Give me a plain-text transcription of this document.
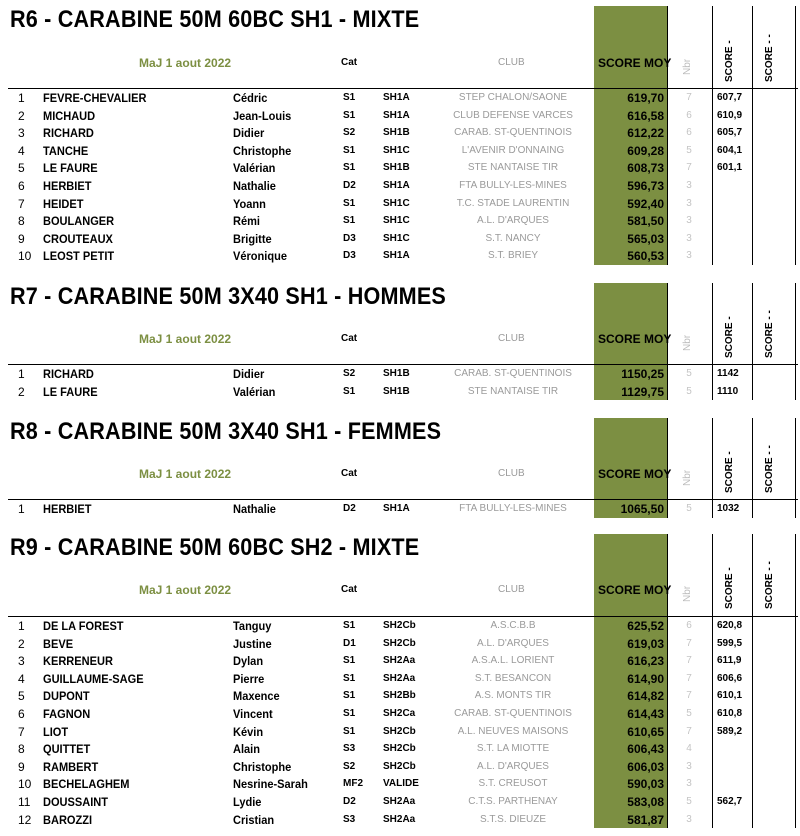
R6 - CARABINE 50M 60BC SH1 - MIXTE
MaJ 1 aout 2022	Cat	CLUB	SCORE MOY Nbr	SCORE -	SCORE - -
1	FEVRE-CHEVALIER	Cédric	S1	SH1A	STEP CHALON/SAONE	619,70	7	607,7
2	MICHAUD	Jean-Louis	S1	SH1A	CLUB DEFENSE VARCES	616,58	6	610,9
3	RICHARD	Didier	S2	SH1B	CARAB. ST-QUENTINOIS	612,22	6	605,7
4	TANCHE	Christophe	S1	SH1C	L'AVENIR D'ONNAING	609,28	5	604,1
5	LE FAURE	Valérian	S1	SH1B	STE NANTAISE TIR	608,73	7	601,1
6	HERBIET	Nathalie	D2	SH1A	FTA BULLY-LES-MINES	596,73	3
7	HEIDET	Yoann	S1	SH1C	T.C. STADE LAURENTIN	592,40	3
8	BOULANGER	Rémi	S1	SH1C	A.L. D'ARQUES	581,50	3
9	CROUTEAUX	Brigitte	D3	SH1C	S.T. NANCY	565,03	3
10 LEOST PETIT	Véronique	D3	SH1A	S.T. BRIEY	560,53	3
R7 - CARABINE 50M 3X40 SH1 - HOMMES
MaJ 1 aout 2022	Cat	CLUB	SCORE MOY Nbr	SCORE -	SCORE - -
1	RICHARD	Didier	S2	SH1B	CARAB. ST-QUENTINOIS	1150,25	5	1142
2	LE FAURE	Valérian	S1	SH1B	STE NANTAISE TIR	1129,75	5	1110
R8 - CARABINE 50M 3X40 SH1 - FEMMES
MaJ 1 aout 2022	Cat	CLUB	SCORE MOY Nbr	SCORE -	SCORE - -
1	HERBIET	Nathalie	D2	SH1A	FTA BULLY-LES-MINES	1065,50	5	1032
R9 - CARABINE 50M 60BC SH2 - MIXTE
MaJ 1 aout 2022	Cat	CLUB	SCORE MOY Nbr	SCORE -	SCORE - -
1	DE LA FOREST	Tanguy	S1	SH2Cb	A.S.C.B.B	625,52	6	620,8
2	BEVE	Justine	D1	SH2Cb	A.L. D'ARQUES	619,03	7	599,5
3	KERRENEUR	Dylan	S1	SH2Aa	A.S.A.L. LORIENT	616,23	7	611,9
4	GUILLAUME-SAGE	Pierre	S1	SH2Aa	S.T. BESANCON	614,90	7	606,6
5	DUPONT	Maxence	S1	SH2Bb	A.S. MONTS TIR	614,82	7	610,1
6	FAGNON	Vincent	S1	SH2Ca	CARAB. ST-QUENTINOIS	614,43	5	610,8
7	LIOT	Kévin	S1	SH2Cb	A.L. NEUVES MAISONS	610,65	7	589,2
8	QUITTET	Alain	S3	SH2Cb	S.T. LA MIOTTE	606,43	4
9	RAMBERT	Christophe	S2	SH2Cb	A.L. D'ARQUES	606,03	3
10 BECHELAGHEM	Nesrine-Sarah	MF2 VALIDE	S.T. CREUSOT	590,03	3
11 DOUSSAINT	Lydie	D2	SH2Aa	C.T.S. PARTHENAY	583,08	5	562,7
12 BAROZZI	Cristian	S3	SH2Aa	S.T.S. DIEUZE	581,87	3
